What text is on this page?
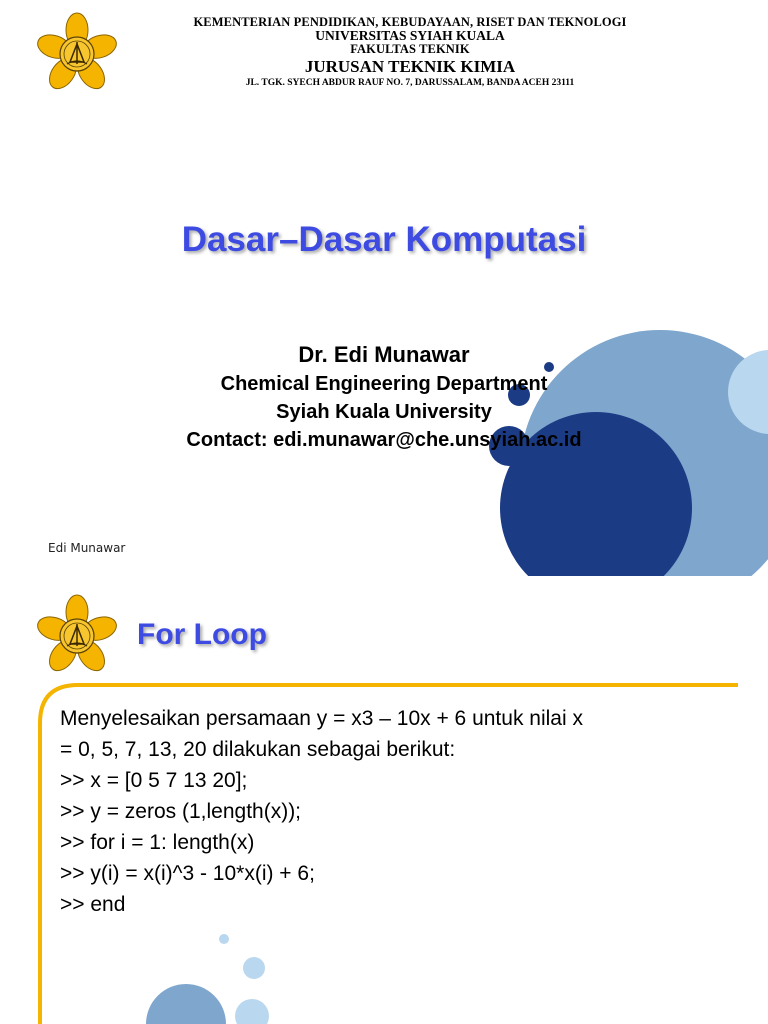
KEMENTERIAN PENDIDIKAN, KEBUDAYAAN, RISET DAN TEKNOLOGI
UNIVERSITAS SYIAH KUALA
FAKULTAS TEKNIK
JURUSAN TEKNIK KIMIA
JL. TGK. SYECH ABDUR RAUF NO. 7, DARUSSALAM, BANDA ACEH 23111
Dasar–Dasar Komputasi
Dr. Edi Munawar
Chemical Engineering Department
Syiah Kuala University
Contact: edi.munawar@che.unsyiah.ac.id
Edi Munawar
For Loop
Menyelesaikan persamaan y = x3 – 10x + 6 untuk nilai x
= 0, 5, 7, 13, 20 dilakukan sebagai berikut:
>> x = [0 5 7 13 20];
>> y = zeros (1,length(x));
>> for i = 1: length(x)
>> y(i) = x(i)^3 - 10*x(i) + 6;
>> end
